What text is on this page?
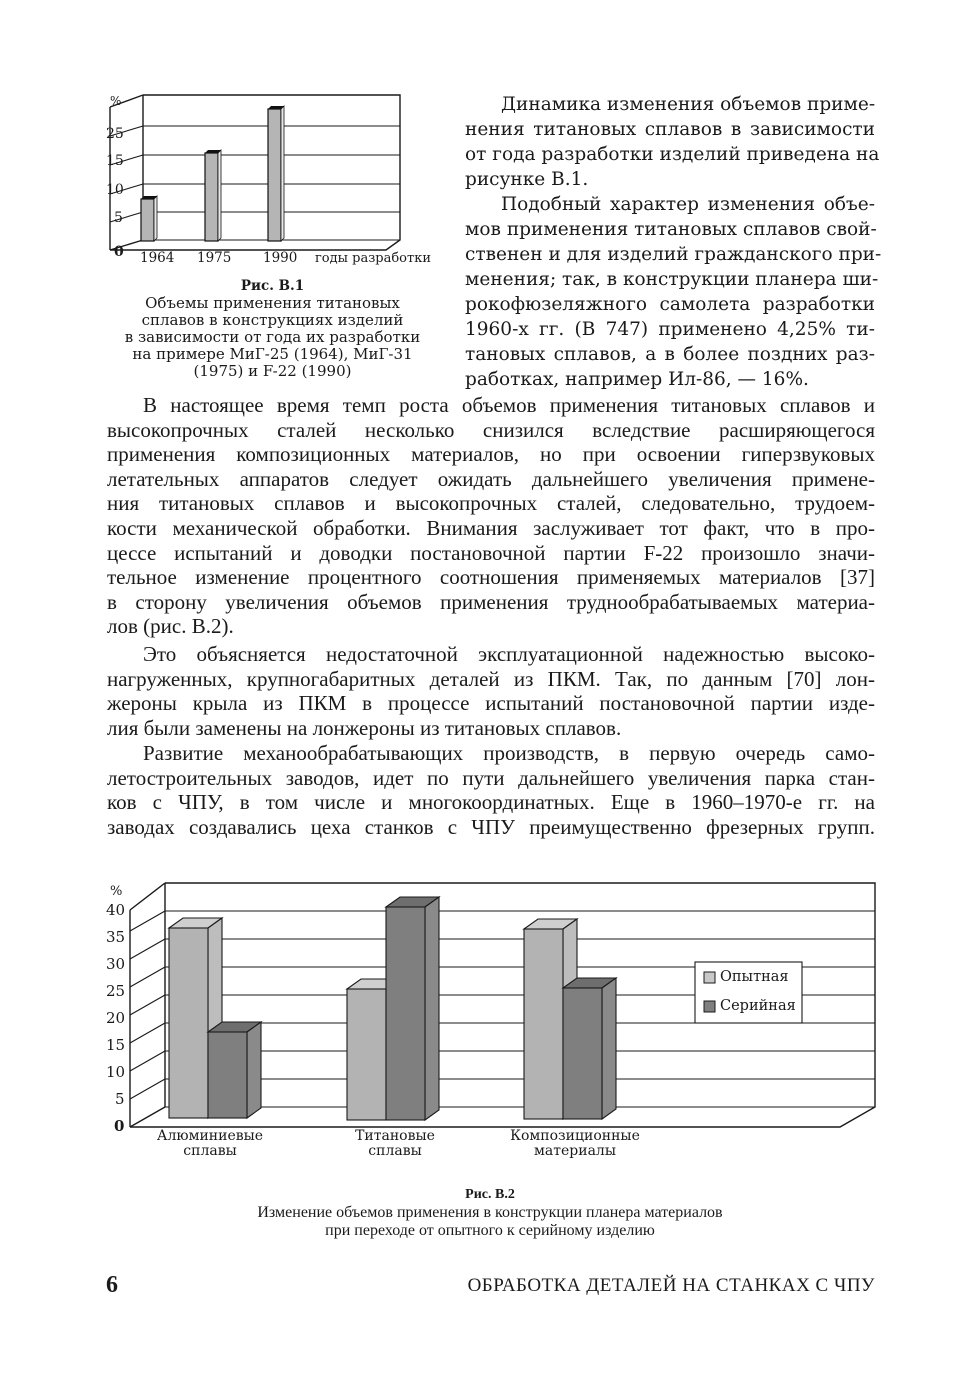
%
25
15
10
5
0 1964 1975 1990 годы разработки
Рис. В.1
Объемы применения титановых
сплавов в конструкциях изделий
в зависимости от года их разработки
на примере МиГ-25 (1964), МиГ-31
(1975) и F-22 (1990)
Динамика изменения объемов приме-
нения титановых сплавов в зависимости
от года разработки изделий приведена на
рисунке В.1.
Подобный характер изменения объе-
мов применения титановых сплавов свой-
ственен и для изделий гражданского при-
менения; так, в конструкции планера ши-
рокофюзеляжного самолета разработки
1960-х гг. (В 747) применено 4,25% ти-
тановых сплавов, а в более поздних раз-
работках, например Ил-86, — 16%.
В настоящее время темп роста объемов применения титановых сплавов и
высокопрочных сталей несколько снизился вследствие расширяющегося
применения композиционных материалов, но при освоении гиперзвуковых
летательных аппаратов следует ожидать дальнейшего увеличения примене-
ния титановых сплавов и высокопрочных сталей, следовательно, трудоем-
кости механической обработки. Внимания заслуживает тот факт, что в про-
цессе испытаний и доводки постановочной партии F-22 произошло значи-
тельное изменение процентного соотношения применяемых материалов [37]
в сторону увеличения объемов применения труднообрабатываемых материа-
лов (рис. В.2).
Это объясняется недостаточной эксплуатационной надежностью высоко-
нагруженных, крупногабаритных деталей из ПКМ. Так, по данным [70] лон-
жероны крыла из ПКМ в процессе испытаний постановочной партии изде-
лия были заменены на лонжероны из титановых сплавов.
Развитие механообрабатывающих производств, в первую очередь само-
летостроительных заводов, идет по пути дальнейшего увеличения парка стан-
ков с ЧПУ, в том числе и многокоординатных. Еще в 1960–1970-е гг. на
заводах создавались цеха станков с ЧПУ преимущественно фрезерных групп.
%
40
35
30
25
20
15
10
5
0
Алюминиевые
сплавы
Титановые
сплавы
Композиционные
материалы
Опытная
Серийная
Рис. В.2
Изменение объемов применения в конструкции планера материалов
при переходе от опытного к серийному изделию
6	ОБРАБОТКА ДЕТАЛЕЙ НА СТАНКАХ С ЧПУ
